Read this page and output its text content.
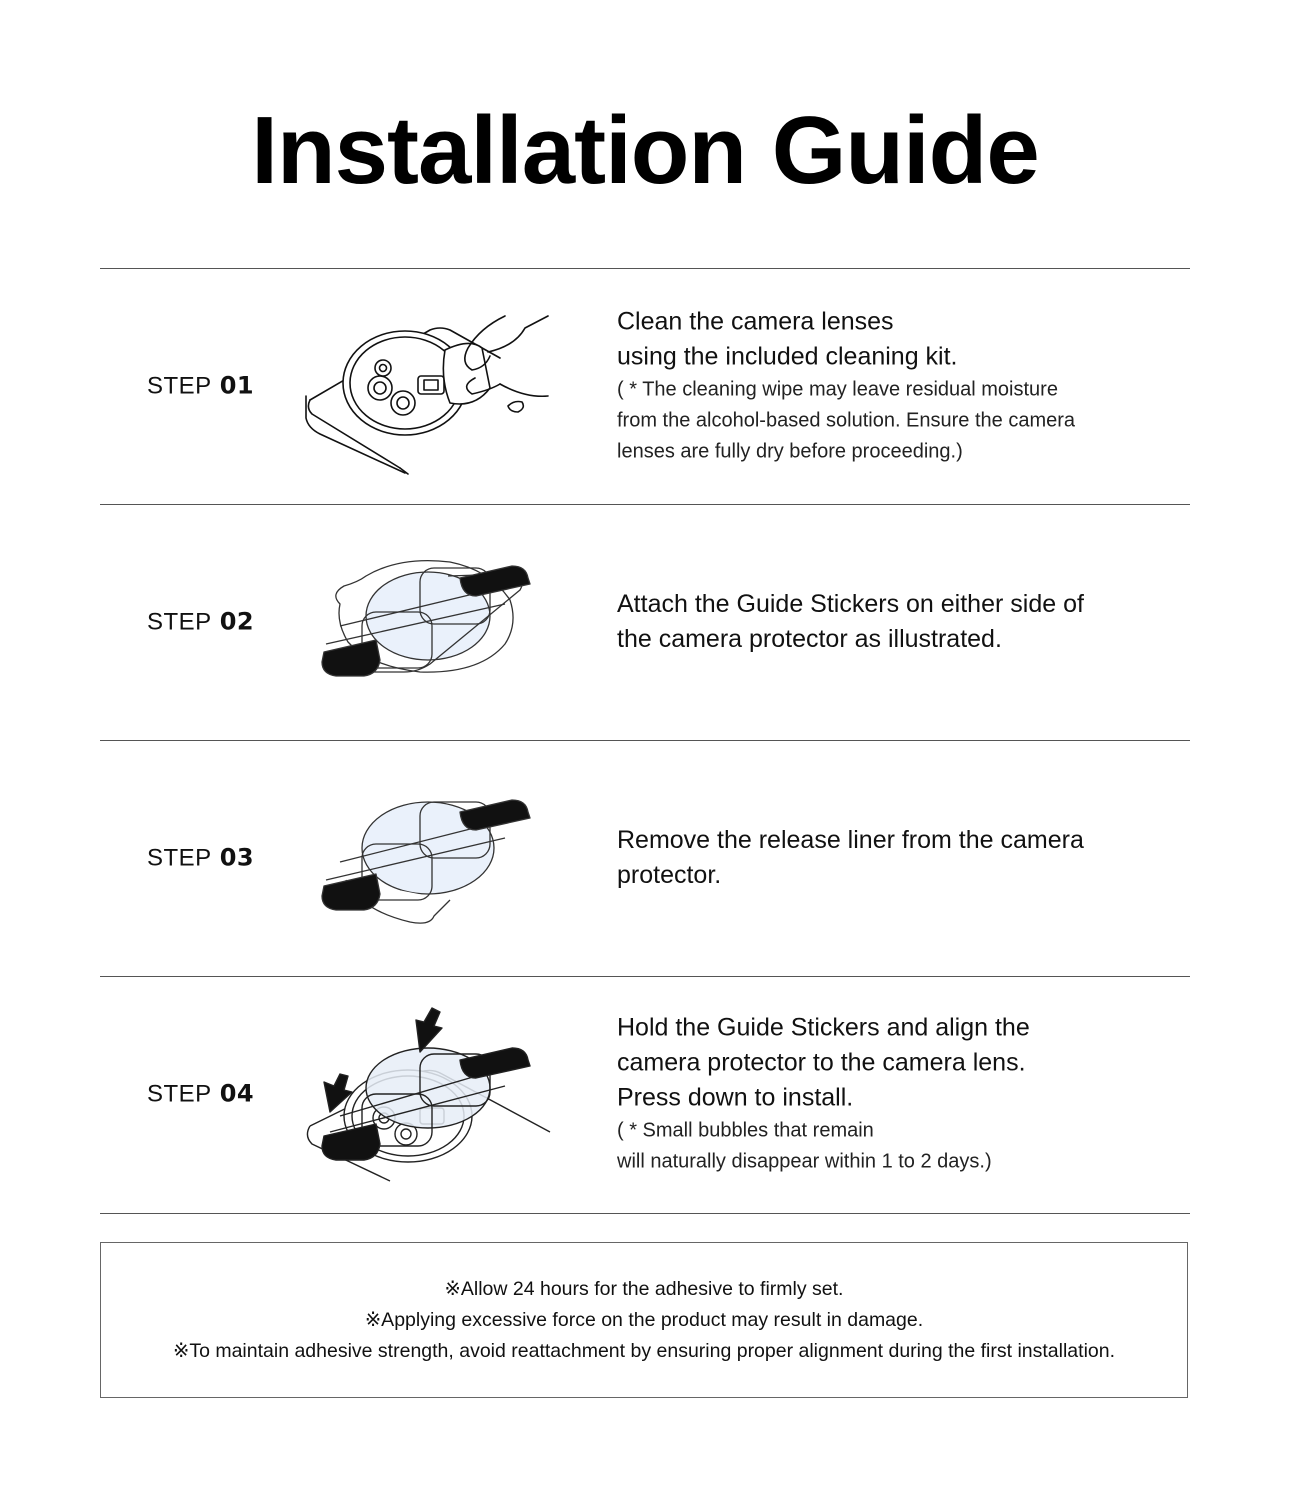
Installation Guide
STEP 01
Clean the camera lenses
using the included cleaning kit.
( * The cleaning wipe may leave residual moisture
from the alcohol-based solution. Ensure the camera
lenses are fully dry before proceeding.)
STEP 02
Attach the Guide Stickers on either side of
the camera protector as illustrated.
STEP 03
Remove the release liner from the camera
protector.
STEP 04
Hold the Guide Stickers and align the
camera protector to the camera lens.
Press down to install.
( * Small bubbles that remain
will naturally disappear within 1 to 2 days.)
※Allow 24 hours for the adhesive to firmly set.
※Applying excessive force on the product may result in damage.
※To maintain adhesive strength, avoid reattachment by ensuring proper alignment during the first installation.
